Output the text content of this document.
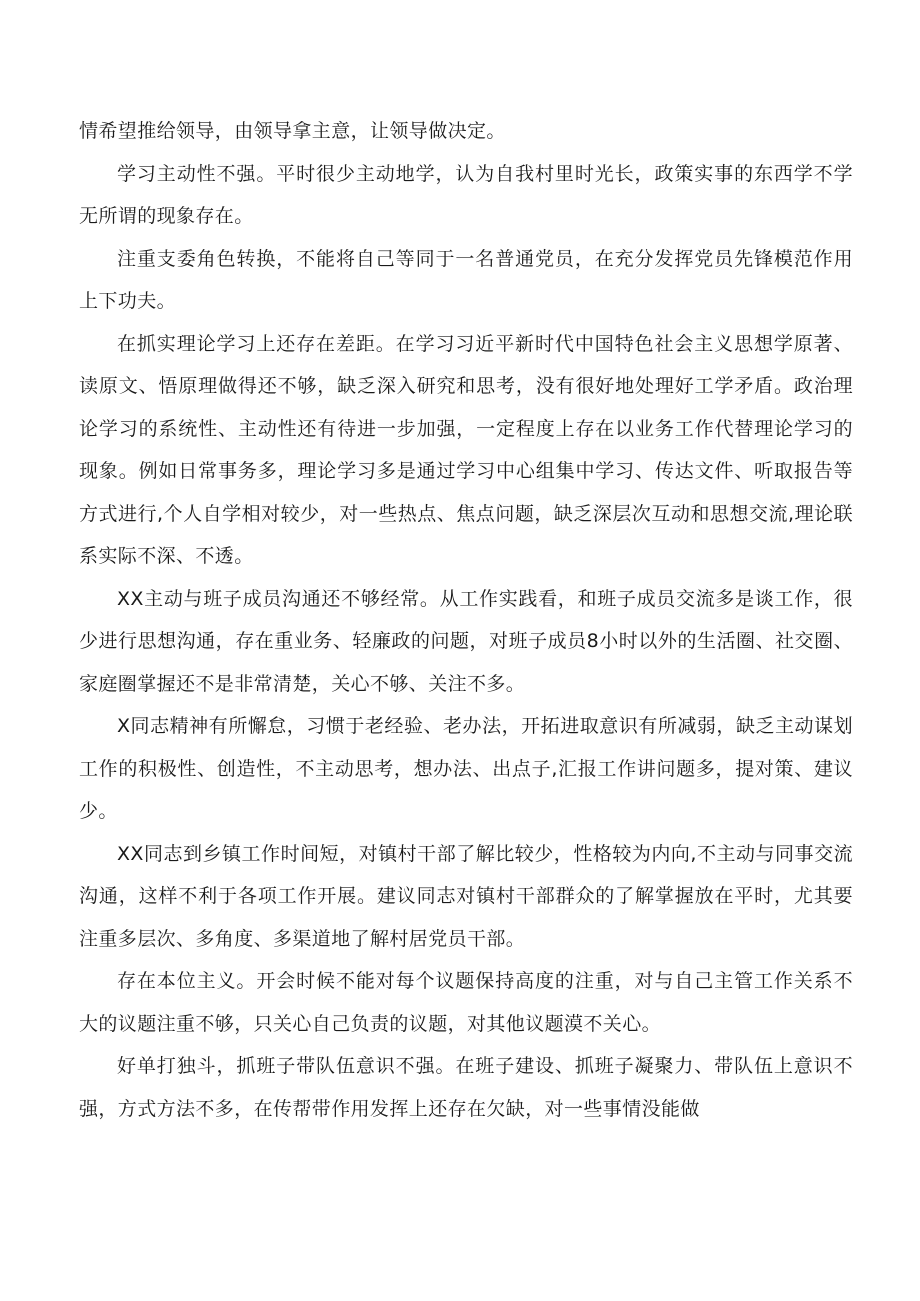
情希望推给领导，由领导拿主意，让领导做决定。

学习主动性不强。平时很少主动地学，认为自我村里时光长，政策实事的东西学不学无所谓的现象存在。

注重支委角色转换，不能将自己等同于一名普通党员，在充分发挥党员先锋模范作用上下功夫。

在抓实理论学习上还存在差距。在学习习近平新时代中国特色社会主义思想学原著、读原文、悟原理做得还不够，缺乏深入研究和思考，没有很好地处理好工学矛盾。政治理论学习的系统性、主动性还有待进一步加强，一定程度上存在以业务工作代替理论学习的现象。例如日常事务多，理论学习多是通过学习中心组集中学习、传达文件、听取报告等方式进行,个人自学相对较少，对一些热点、焦点问题，缺乏深层次互动和思想交流,理论联系实际不深、不透。

XX主动与班子成员沟通还不够经常。从工作实践看，和班子成员交流多是谈工作，很少进行思想沟通，存在重业务、轻廉政的问题，对班子成员8小时以外的生活圈、社交圈、家庭圈掌握还不是非常清楚，关心不够、关注不多。

X同志精神有所懈怠，习惯于老经验、老办法，开拓进取意识有所减弱，缺乏主动谋划工作的积极性、创造性，不主动思考，想办法、出点子,汇报工作讲问题多，提对策、建议少。

XX同志到乡镇工作时间短，对镇村干部了解比较少，性格较为内向,不主动与同事交流沟通，这样不利于各项工作开展。建议同志对镇村干部群众的了解掌握放在平时，尤其要注重多层次、多角度、多渠道地了解村居党员干部。

存在本位主义。开会时候不能对每个议题保持高度的注重，对与自己主管工作关系不大的议题注重不够，只关心自己负责的议题，对其他议题漠不关心。

好单打独斗，抓班子带队伍意识不强。在班子建设、抓班子凝聚力、带队伍上意识不强，方式方法不多，在传帮带作用发挥上还存在欠缺，对一些事情没能做
